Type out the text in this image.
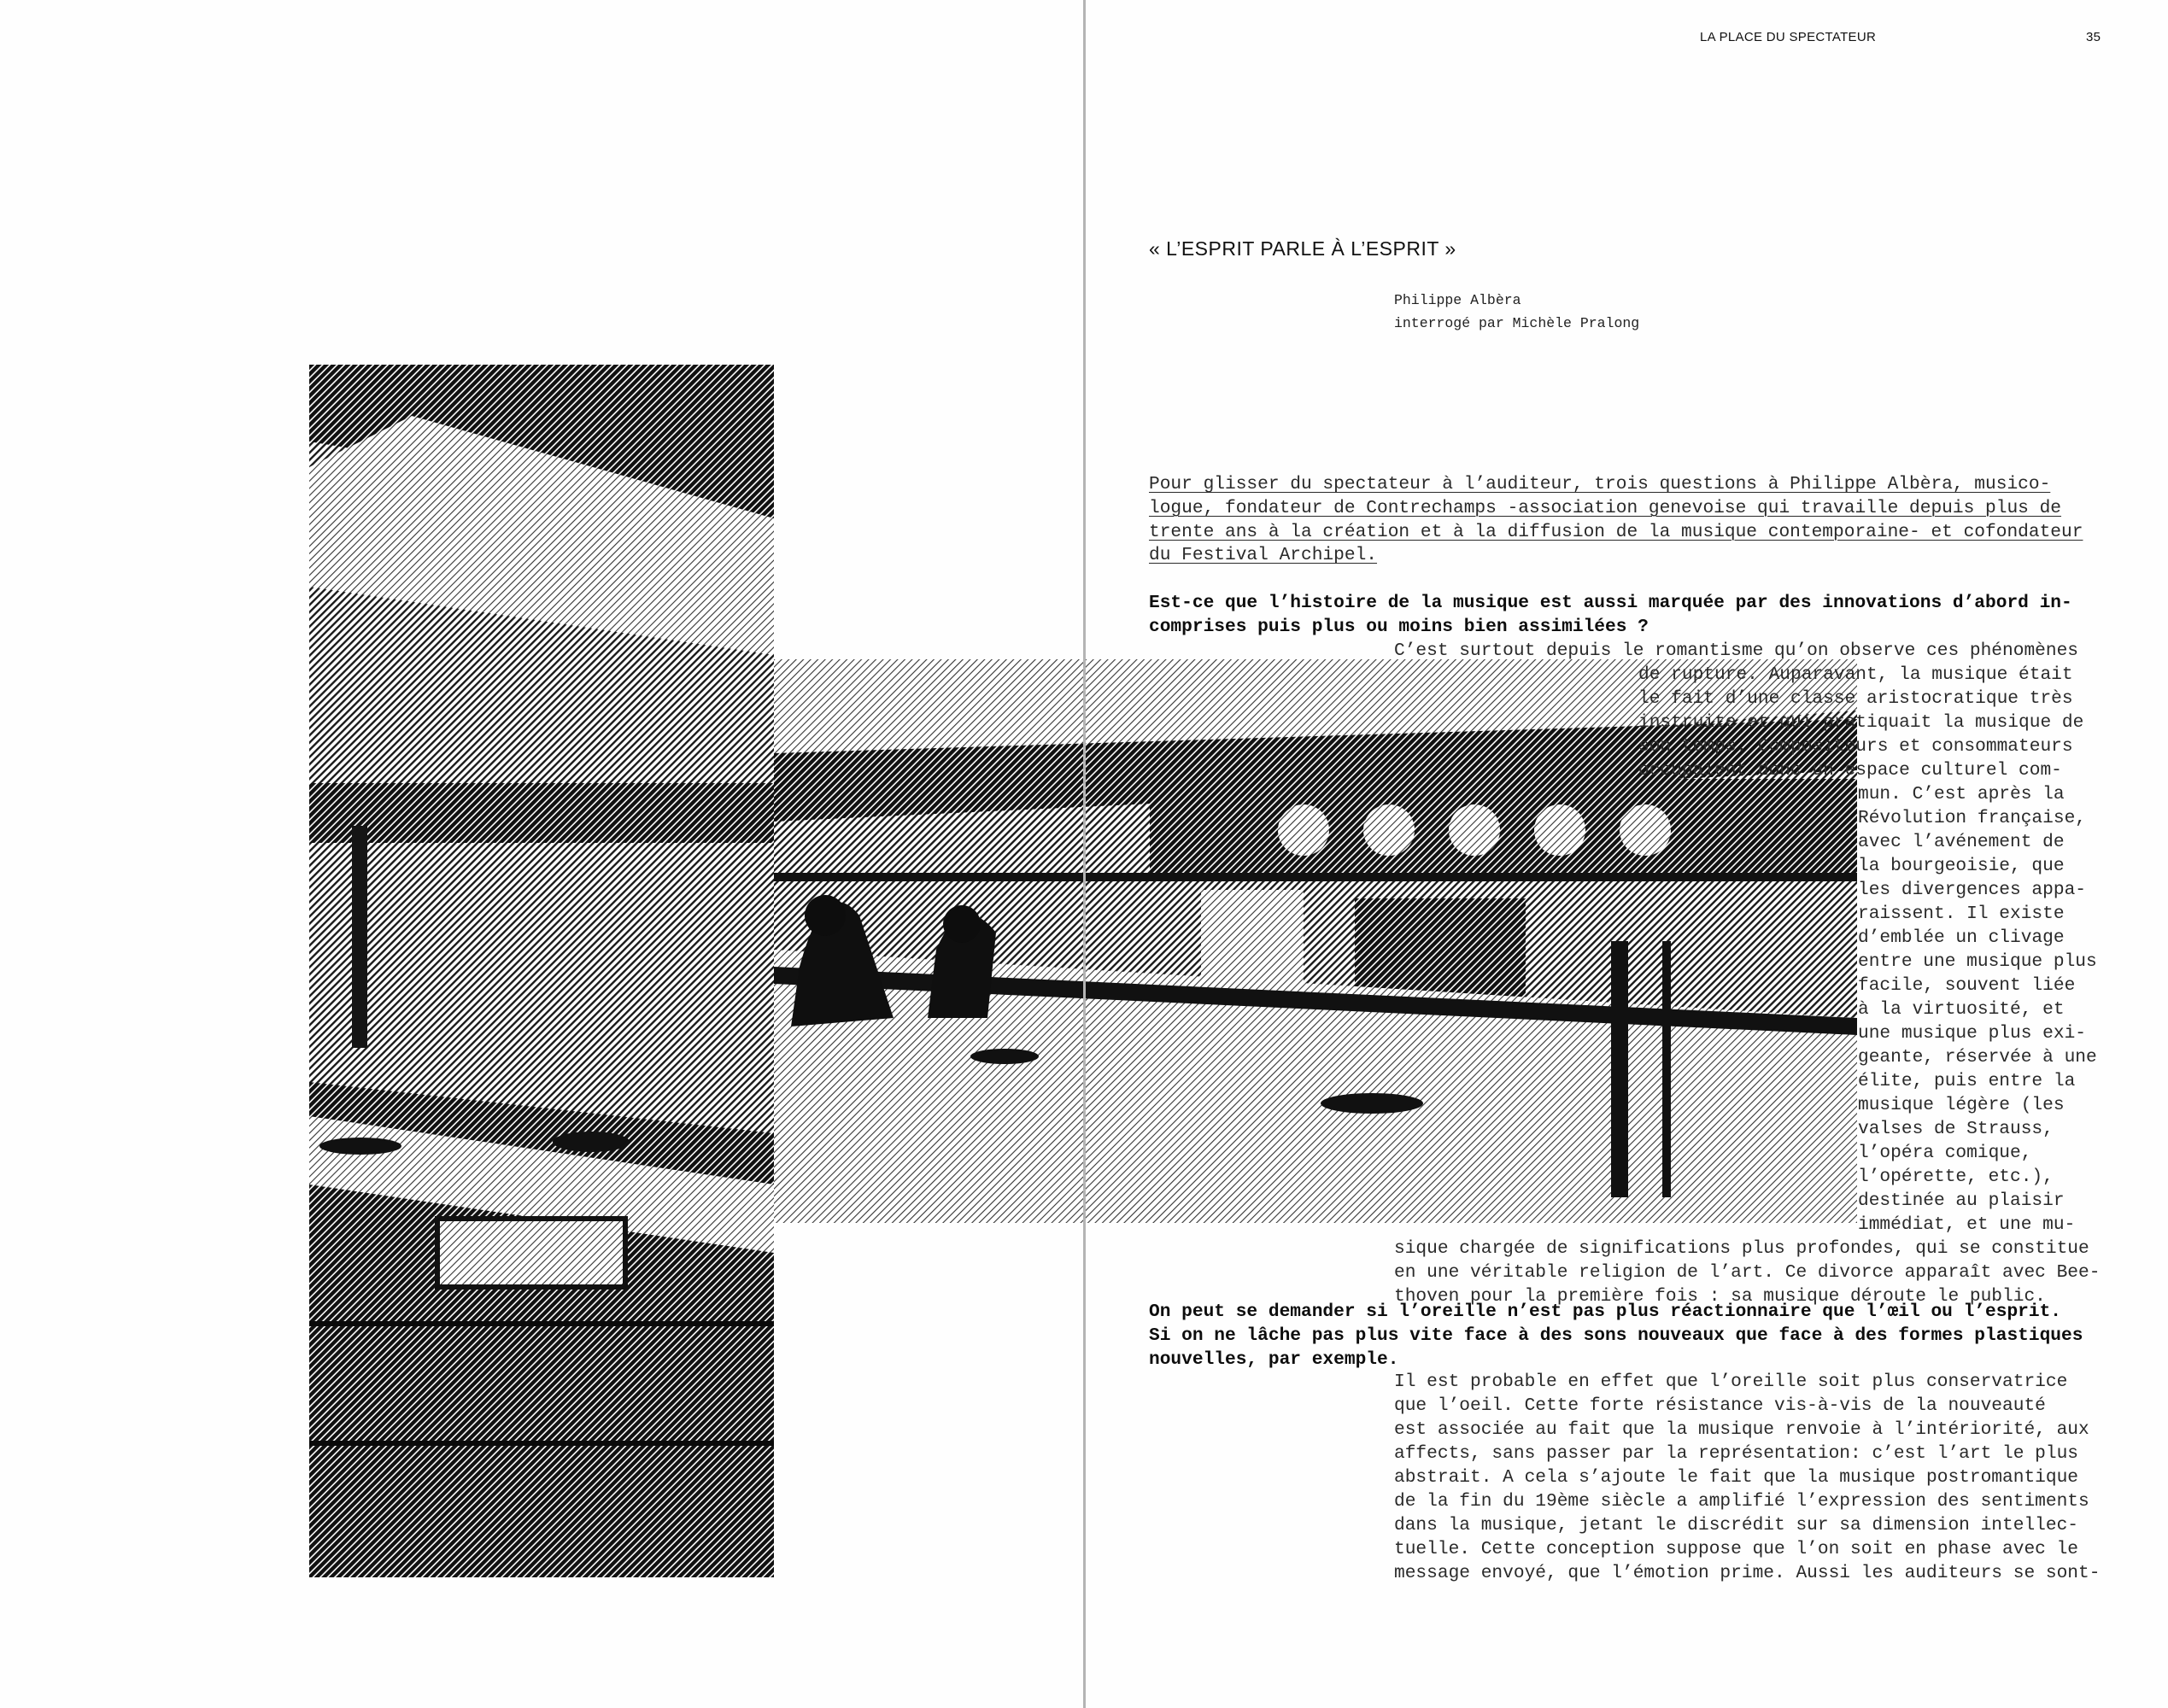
LA PLACE DU SPECTATEUR	35
« L’ESPRIT PARLE À L’ESPRIT »
Philippe Albèra
interrogé par Michèle Pralong
Pour glisser du spectateur à l’auditeur, trois questions à Philippe Albèra, musico-
logue, fondateur de Contrechamps -association genevoise qui travaille depuis plus de
trente ans à la création et à la diffusion de la musique contemporaine- et cofondateur
du Festival Archipel.
Est-ce que l’histoire de la musique est aussi marquée par des innovations d’abord in-
comprises puis plus ou moins bien assimilées ?
C’est surtout depuis le romantisme qu’on observe ces phénomènes
de rupture. Auparavant, la musique était
le fait d’une classe aristocratique très
instruite et qui pratiquait la musique de
son temps. Compositeurs et consommateurs
occupaient donc un espace culturel com-
mun. C’est après la
Révolution française,
avec l’avénement de
la bourgeoisie, que
les divergences appa-
raissent. Il existe
d’emblée un clivage
entre une musique plus
facile, souvent liée
à la virtuosité, et
une musique plus exi-
geante, réservée à une
élite, puis entre la
musique légère (les
valses de Strauss,
l’opéra comique,
l’opérette, etc.),
destinée au plaisir
immédiat, et une mu-
sique chargée de significations plus profondes, qui se constitue
en une véritable religion de l’art. Ce divorce apparaît avec Bee-
thoven pour la première fois : sa musique déroute le public.
On peut se demander si l’oreille n’est pas plus réactionnaire que l’œil ou l’esprit.
Si on ne lâche pas plus vite face à des sons nouveaux que face à des formes plastiques
nouvelles, par exemple.
Il est probable en effet que l’oreille soit plus conservatrice
que l’oeil. Cette forte résistance vis-à-vis de la nouveauté
est associée au fait que la musique renvoie à l’intériorité, aux
affects, sans passer par la représentation: c’est l’art le plus
abstrait. A cela s’ajoute le fait que la musique postromantique
de la fin du 19ème siècle a amplifié l’expression des sentiments
dans la musique, jetant le discrédit sur sa dimension intellec-
tuelle. Cette conception suppose que l’on soit en phase avec le
message envoyé, que l’émotion prime. Aussi les auditeurs se sont-
